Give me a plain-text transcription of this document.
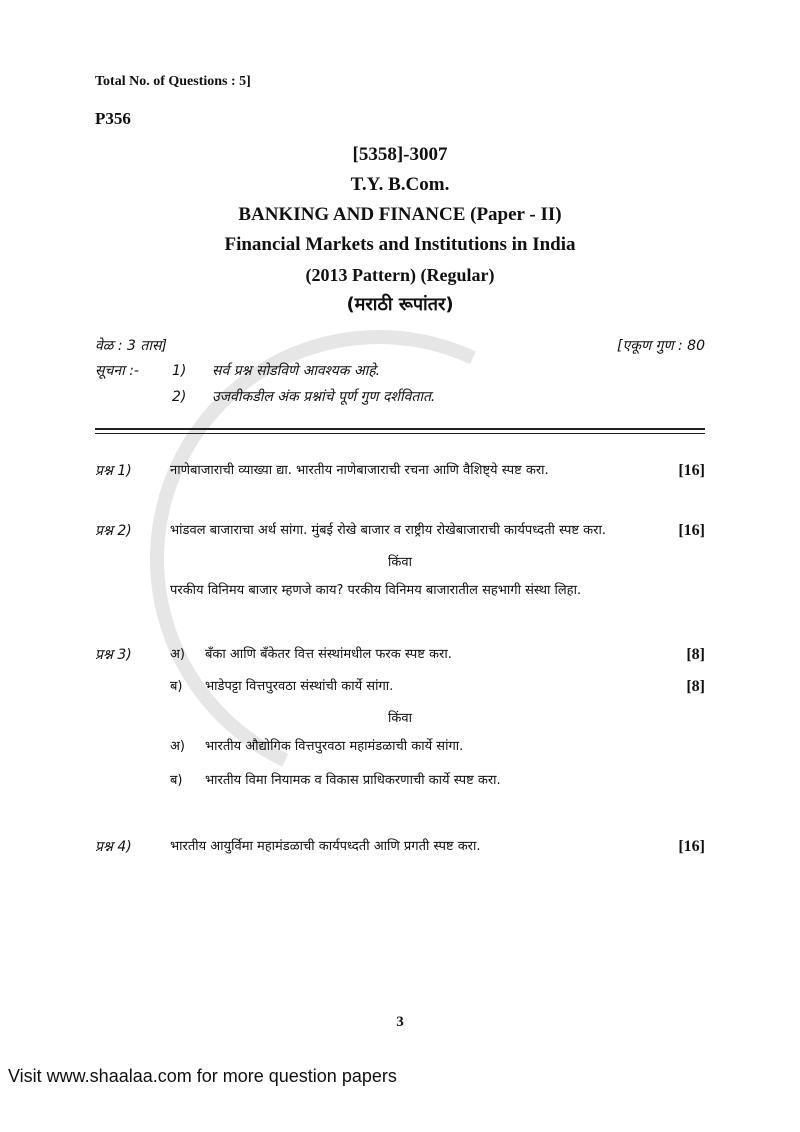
Total No. of Questions : 5]
P356
[5358]-3007
T.Y. B.Com.
BANKING AND FINANCE (Paper - II)
Financial Markets and Institutions in India
(2013 Pattern) (Regular)
(मराठी रूपांतर)
वेळ : 3 तास]	[एकूण गुण : 80
सूचना :-	1)	सर्व प्रश्न सोडविणे आवश्यक आहे.
2)	उजवीकडील अंक प्रश्नांचे पूर्ण गुण दर्शवितात.
प्रश्न 1)	नाणेबाजाराची व्याख्या द्या. भारतीय नाणेबाजाराची रचना आणि वैशिष्ट्ये स्पष्ट करा.	[16]
प्रश्न 2)	भांडवल बाजाराचा अर्थ सांगा. मुंबई रोखे बाजार व राष्ट्रीय रोखेबाजाराची कार्यपध्दती स्पष्ट करा.	[16]
किंवा
परकीय विनिमय बाजार म्हणजे काय? परकीय विनिमय बाजारातील सहभागी संस्था लिहा.
प्रश्न 3)	अ)	बँका आणि बँकेतर वित्त संस्थांमधील फरक स्पष्ट करा.	[8]
ब)	भाडेपट्टा वित्तपुरवठा संस्थांची कार्ये सांगा.	[8]
किंवा
अ)	भारतीय औद्योगिक वित्तपुरवठा महामंडळाची कार्ये सांगा.
ब)	भारतीय विमा नियामक व विकास प्राधिकरणाची कार्ये स्पष्ट करा.
प्रश्न 4)	भारतीय आयुर्विमा महामंडळाची कार्यपध्दती आणि प्रगती स्पष्ट करा.	[16]
3
Visit www.shaalaa.com for more question papers
